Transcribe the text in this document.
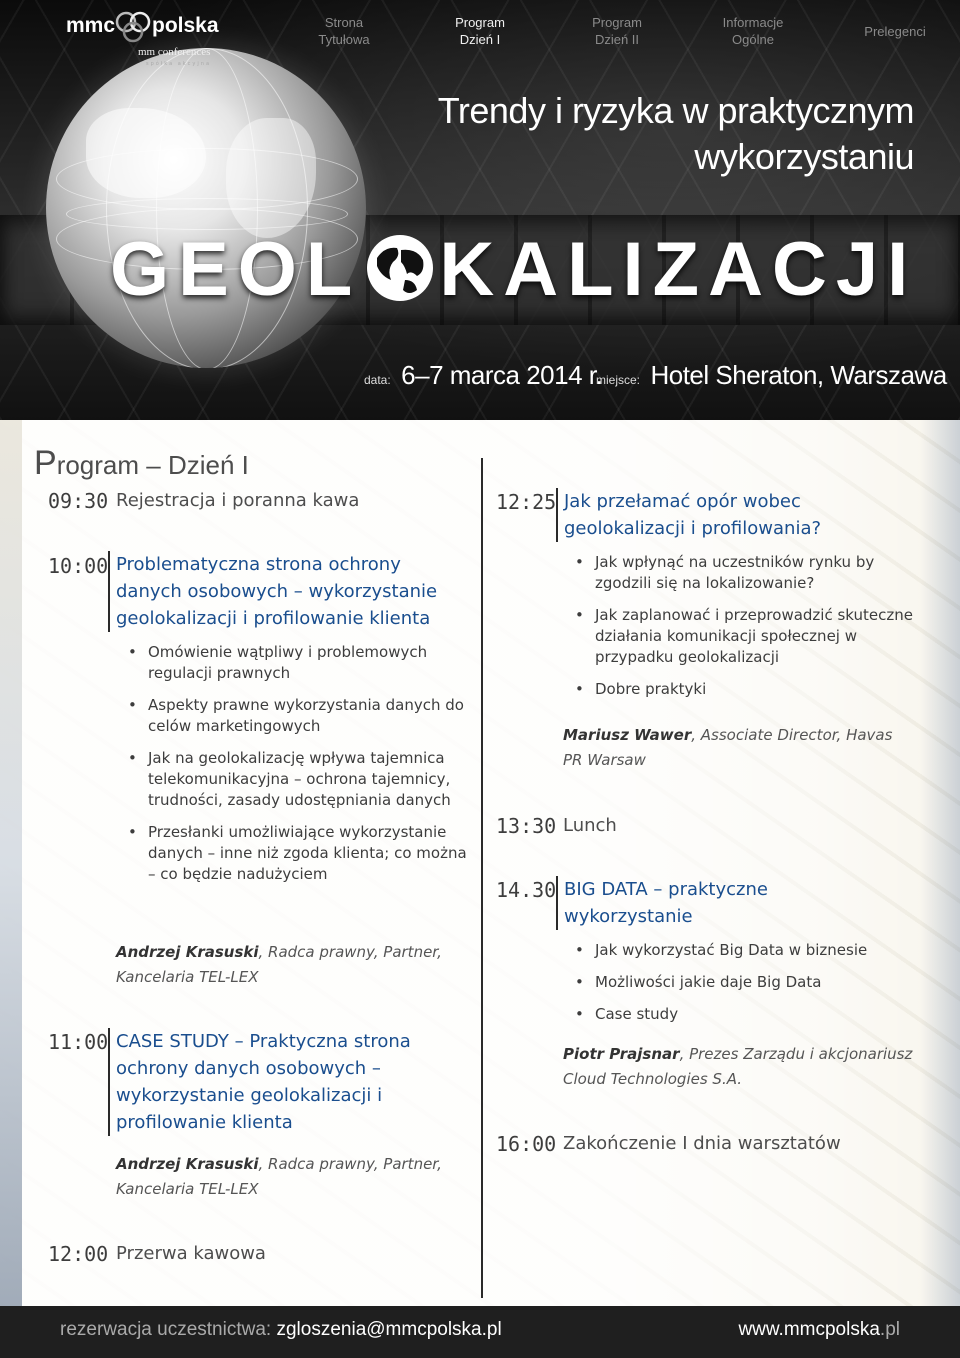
mmc polska
mm conferences
spółka akcyjna
Strona
Tytułowa
Program
Dzień I
Program
Dzień II
Informacje
Ogólne
Prelegenci
Trendy i ryzyka w praktycznym
wykorzystaniu
GEOL KALIZACJI
data: 6–7 marca 2014 r.
miejsce: Hotel Sheraton, Warszawa
Program – Dzień I
09:30 Rejestracja i poranna kawa
10:00 Problematyczna strona ochrony danych osobowych – wykorzystanie geolokalizacji i profilowanie klienta
• Omówienie wątpliwy i problemowych regulacji prawnych
• Aspekty prawne wykorzystania danych do celów marketingowych
• Jak na geolokalizację wpływa tajemnica telekomunikacyjna – ochrona tajemnicy, trudności, zasady udostępniania danych
• Przesłanki umożliwiające wykorzystanie danych – inne niż zgoda klienta; co można – co będzie nadużyciem
Andrzej Krasuski, Radca prawny, Partner, Kancelaria TEL-LEX
11:00 CASE STUDY – Praktyczna strona ochrony danych osobowych – wykorzystanie geolokalizacji i profilowanie klienta
Andrzej Krasuski, Radca prawny, Partner, Kancelaria TEL-LEX
12:00 Przerwa kawowa
12:25 Jak przełamać opór wobec geolokalizacji i profilowania?
• Jak wpłynąć na uczestników rynku by zgodzili się na lokalizowanie?
• Jak zaplanować i przeprowadzić skuteczne działania komunikacji społecznej w przypadku geolokalizacji
• Dobre praktyki
Mariusz Wawer, Associate Director, Havas PR Warsaw
13:30 Lunch
14.30 BIG DATA – praktyczne wykorzystanie
• Jak wykorzystać Big Data w biznesie
• Możliwości jakie daje Big Data
• Case study
Piotr Prajsnar, Prezes Zarządu i akcjonariusz Cloud Technologies S.A.
16:00 Zakończenie I dnia warsztatów
rezerwacja uczestnictwa: zgloszenia@mmcpolska.pl	www.mmcpolska.pl
